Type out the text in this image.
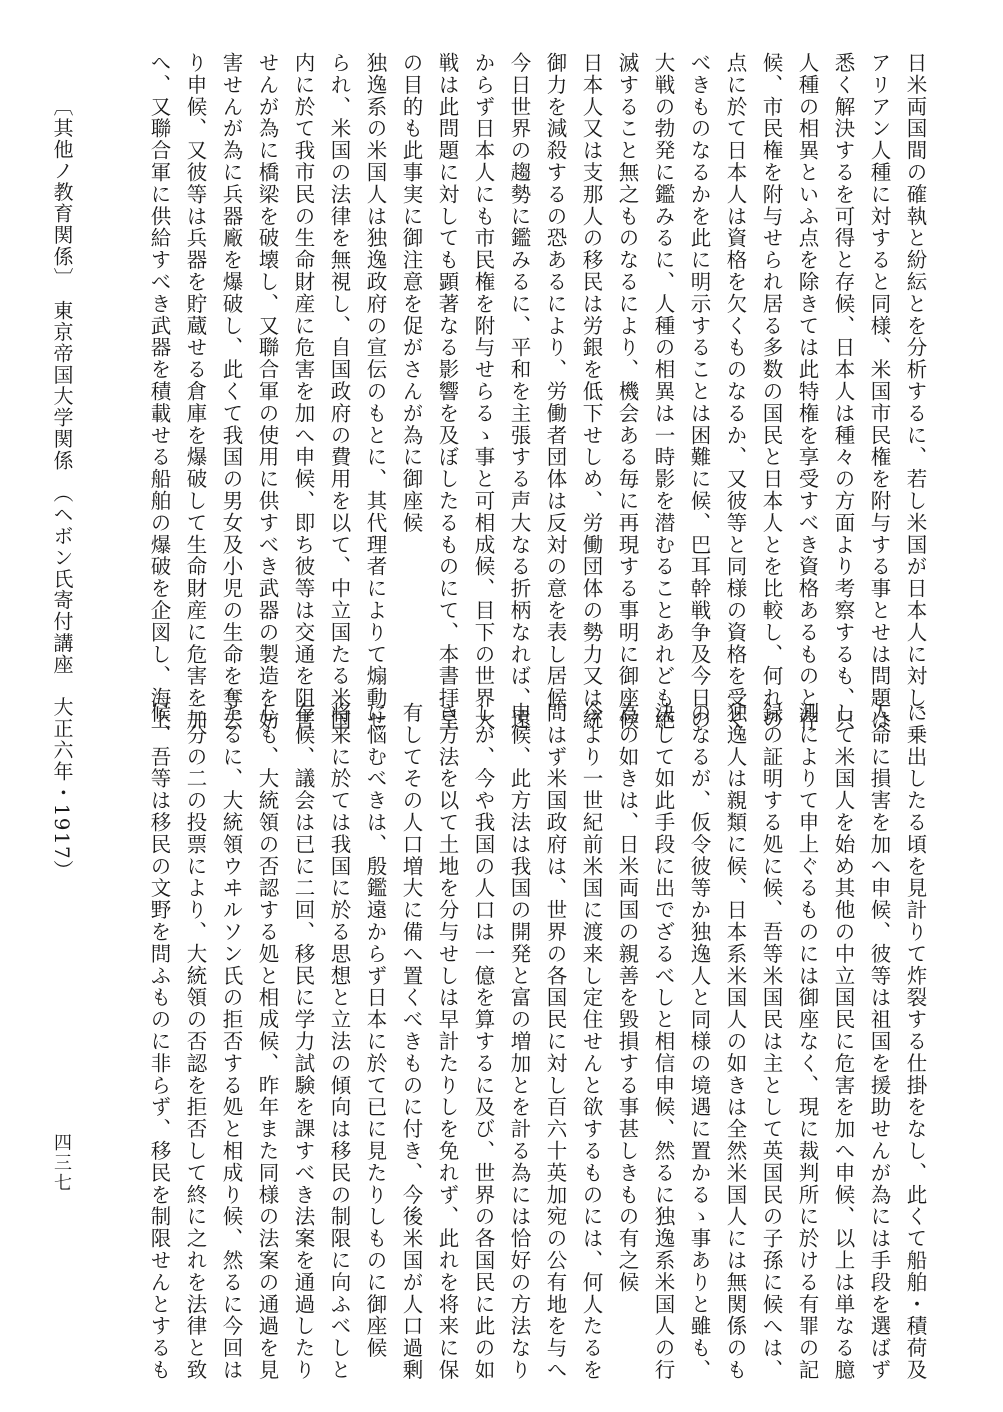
日米両国間の確執と紛紜とを分析するに、若し米国が日本人に対し、

アリアン人種に対すると同様、米国市民権を附与する事とせは問題は

悉く解決するを可得と存候、日本人は種々の方面より考察するも、只

人種の相異といふ点を除きては此特権を享受すべき資格あるものと存

候、市民権を附与せられ居る多数の国民と日本人とを比較し、何れの

点に於て日本人は資格を欠くものなるか、又彼等と同様の資格を受く

べきものなるかを此に明示することは困難に候、巴耳幹戦争及今日の

大戦の勃発に鑑みるに、人種の相異は一時影を潜むることあれども絶

滅すること無之ものなるにより、機会ある毎に再現する事明に御座候

日本人又は支那人の移民は労銀を低下せしめ、労働団体の勢力又は統

御力を減殺するの恐あるにより、労働者団体は反対の意を表し居候

今日世界の趨勢に鑑みるに、平和を主張する声大なる折柄なれば、遠

からず日本人にも市民権を附与せらるゝ事と可相成候、目下の世界大

戦は此問題に対しても顕著なる影響を及ぼしたるものにて、本書拝呈

の目的も此事実に御注意を促がさんが為に御座候

独逸系の米国人は独逸政府の宣伝のもとに、其代理者によりて煽動せ

られ、米国の法律を無視し、自国政府の費用を以て、中立国たる米国

内に於て我市民の生命財産に危害を加へ申候、即ち彼等は交通を阻害

せんが為に橋梁を破壊し、又聯合軍の使用に供すべき武器の製造を妨

害せんが為に兵器廠を爆破し、此くて我国の男女及小児の生命を奪去

り申候、又彼等は兵器を貯蔵せる倉庫を爆破して生命財産に危害を加

へ、又聯合軍に供給すべき武器を積載せる船舶の爆破を企図し、海上

に乗出したる頃を見計りて炸裂する仕掛をなし、此くて船舶・積荷及

人命に損害を加へ申候、彼等は祖国を援助せんが為には手段を選ばず

して米国人を始め其他の中立国民に危害を加へ申候、以上は単なる臆

測によりて申上ぐるものには御座なく、現に裁判所に於ける有罪の記

録の証明する処に候、吾等米国民は主として英国民の子孫に候へは、

独逸人は親類に候、日本系米国人の如きは全然米国人には無関係のも

のなるが、仮令彼等か独逸人と同様の境遇に置かるゝ事ありと雖も、

決して如此手段に出でざるべしと相信申候、然るに独逸系米国人の行

為の如きは、日米両国の親善を毀損する事甚しきもの有之候

今より一世紀前米国に渡来し定住せんと欲するものには、何人たるを

問はず米国政府は、世界の各国民に対し百六十英加宛の公有地を与へ

申候、此方法は我国の開発と富の増加とを計る為には恰好の方法なり

しが、今や我国の人口は一億を算するに及び、世界の各国民に此の如

き方法を以て土地を分与せしは早計たりしを免れず、此れを将来に保

有してその人口増大に備へ置くべきものに付き、今後米国が人口過剰

に悩むべきは、殷鑑遠からず日本に於て已に見たりしものに御座候

将来に於ては我国に於る思想と立法の傾向は移民の制限に向ふべしと

存候、議会は已に二回、移民に学力試験を課すべき法案を通過したり

しも、大統領の否認する処と相成候、昨年また同様の法案の通過を見

たるに、大統領ウヰルソン氏の拒否する処と相成り候、然るに今回は

三分の二の投票により、大統領の否認を拒否して終に之れを法律と致

候、吾等は移民の文野を問ふものに非らず、移民を制限せんとするも

〔其他ノ教育関係〕　東京帝国大学関係　（ヘボン氏寄付講座　大正六年・1917）
四三七
